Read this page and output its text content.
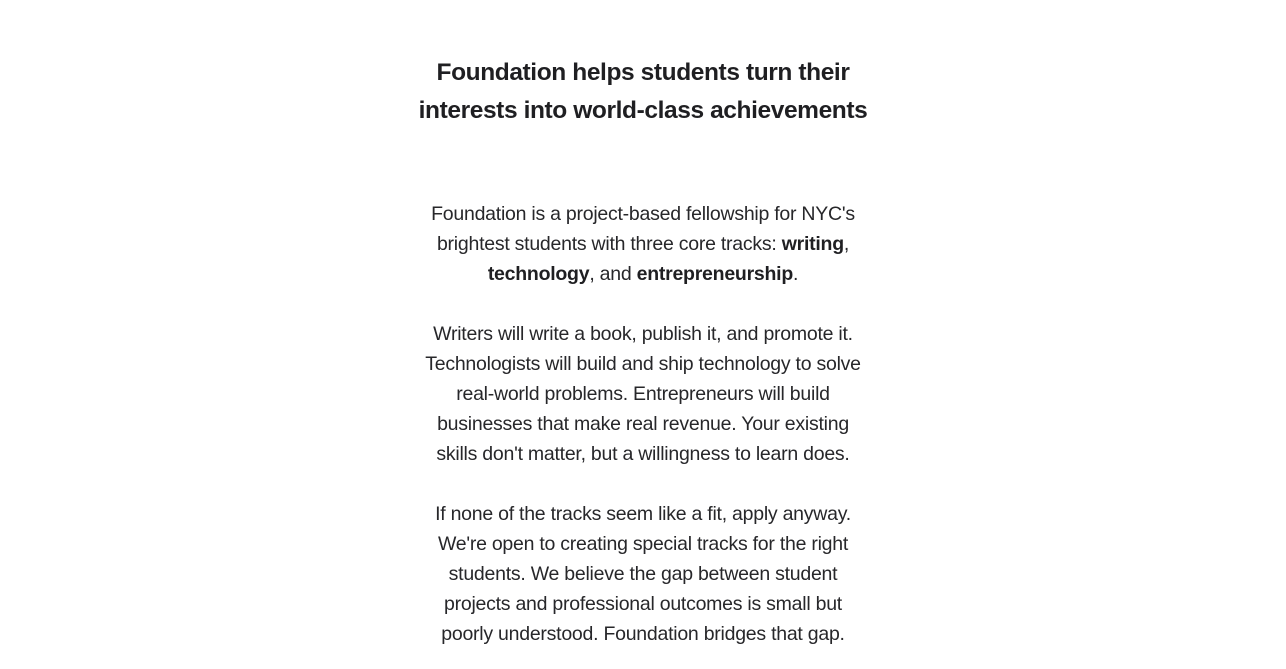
Foundation helps students turn their
interests into world-class achievements

Foundation is a project-based fellowship for NYC's

brightest students with three core tracks: writing,

technology, and entrepreneurship.

Writers will write a book, publish it, and promote it.

Technologists will build and ship technology to solve

real-world problems. Entrepreneurs will build

businesses that make real revenue. Your existing

skills don't matter, but a willingness to learn does.

If none of the tracks seem like a fit, apply anyway.

We're open to creating special tracks for the right

students. We believe the gap between student

projects and professional outcomes is small but

poorly understood. Foundation bridges that gap.
